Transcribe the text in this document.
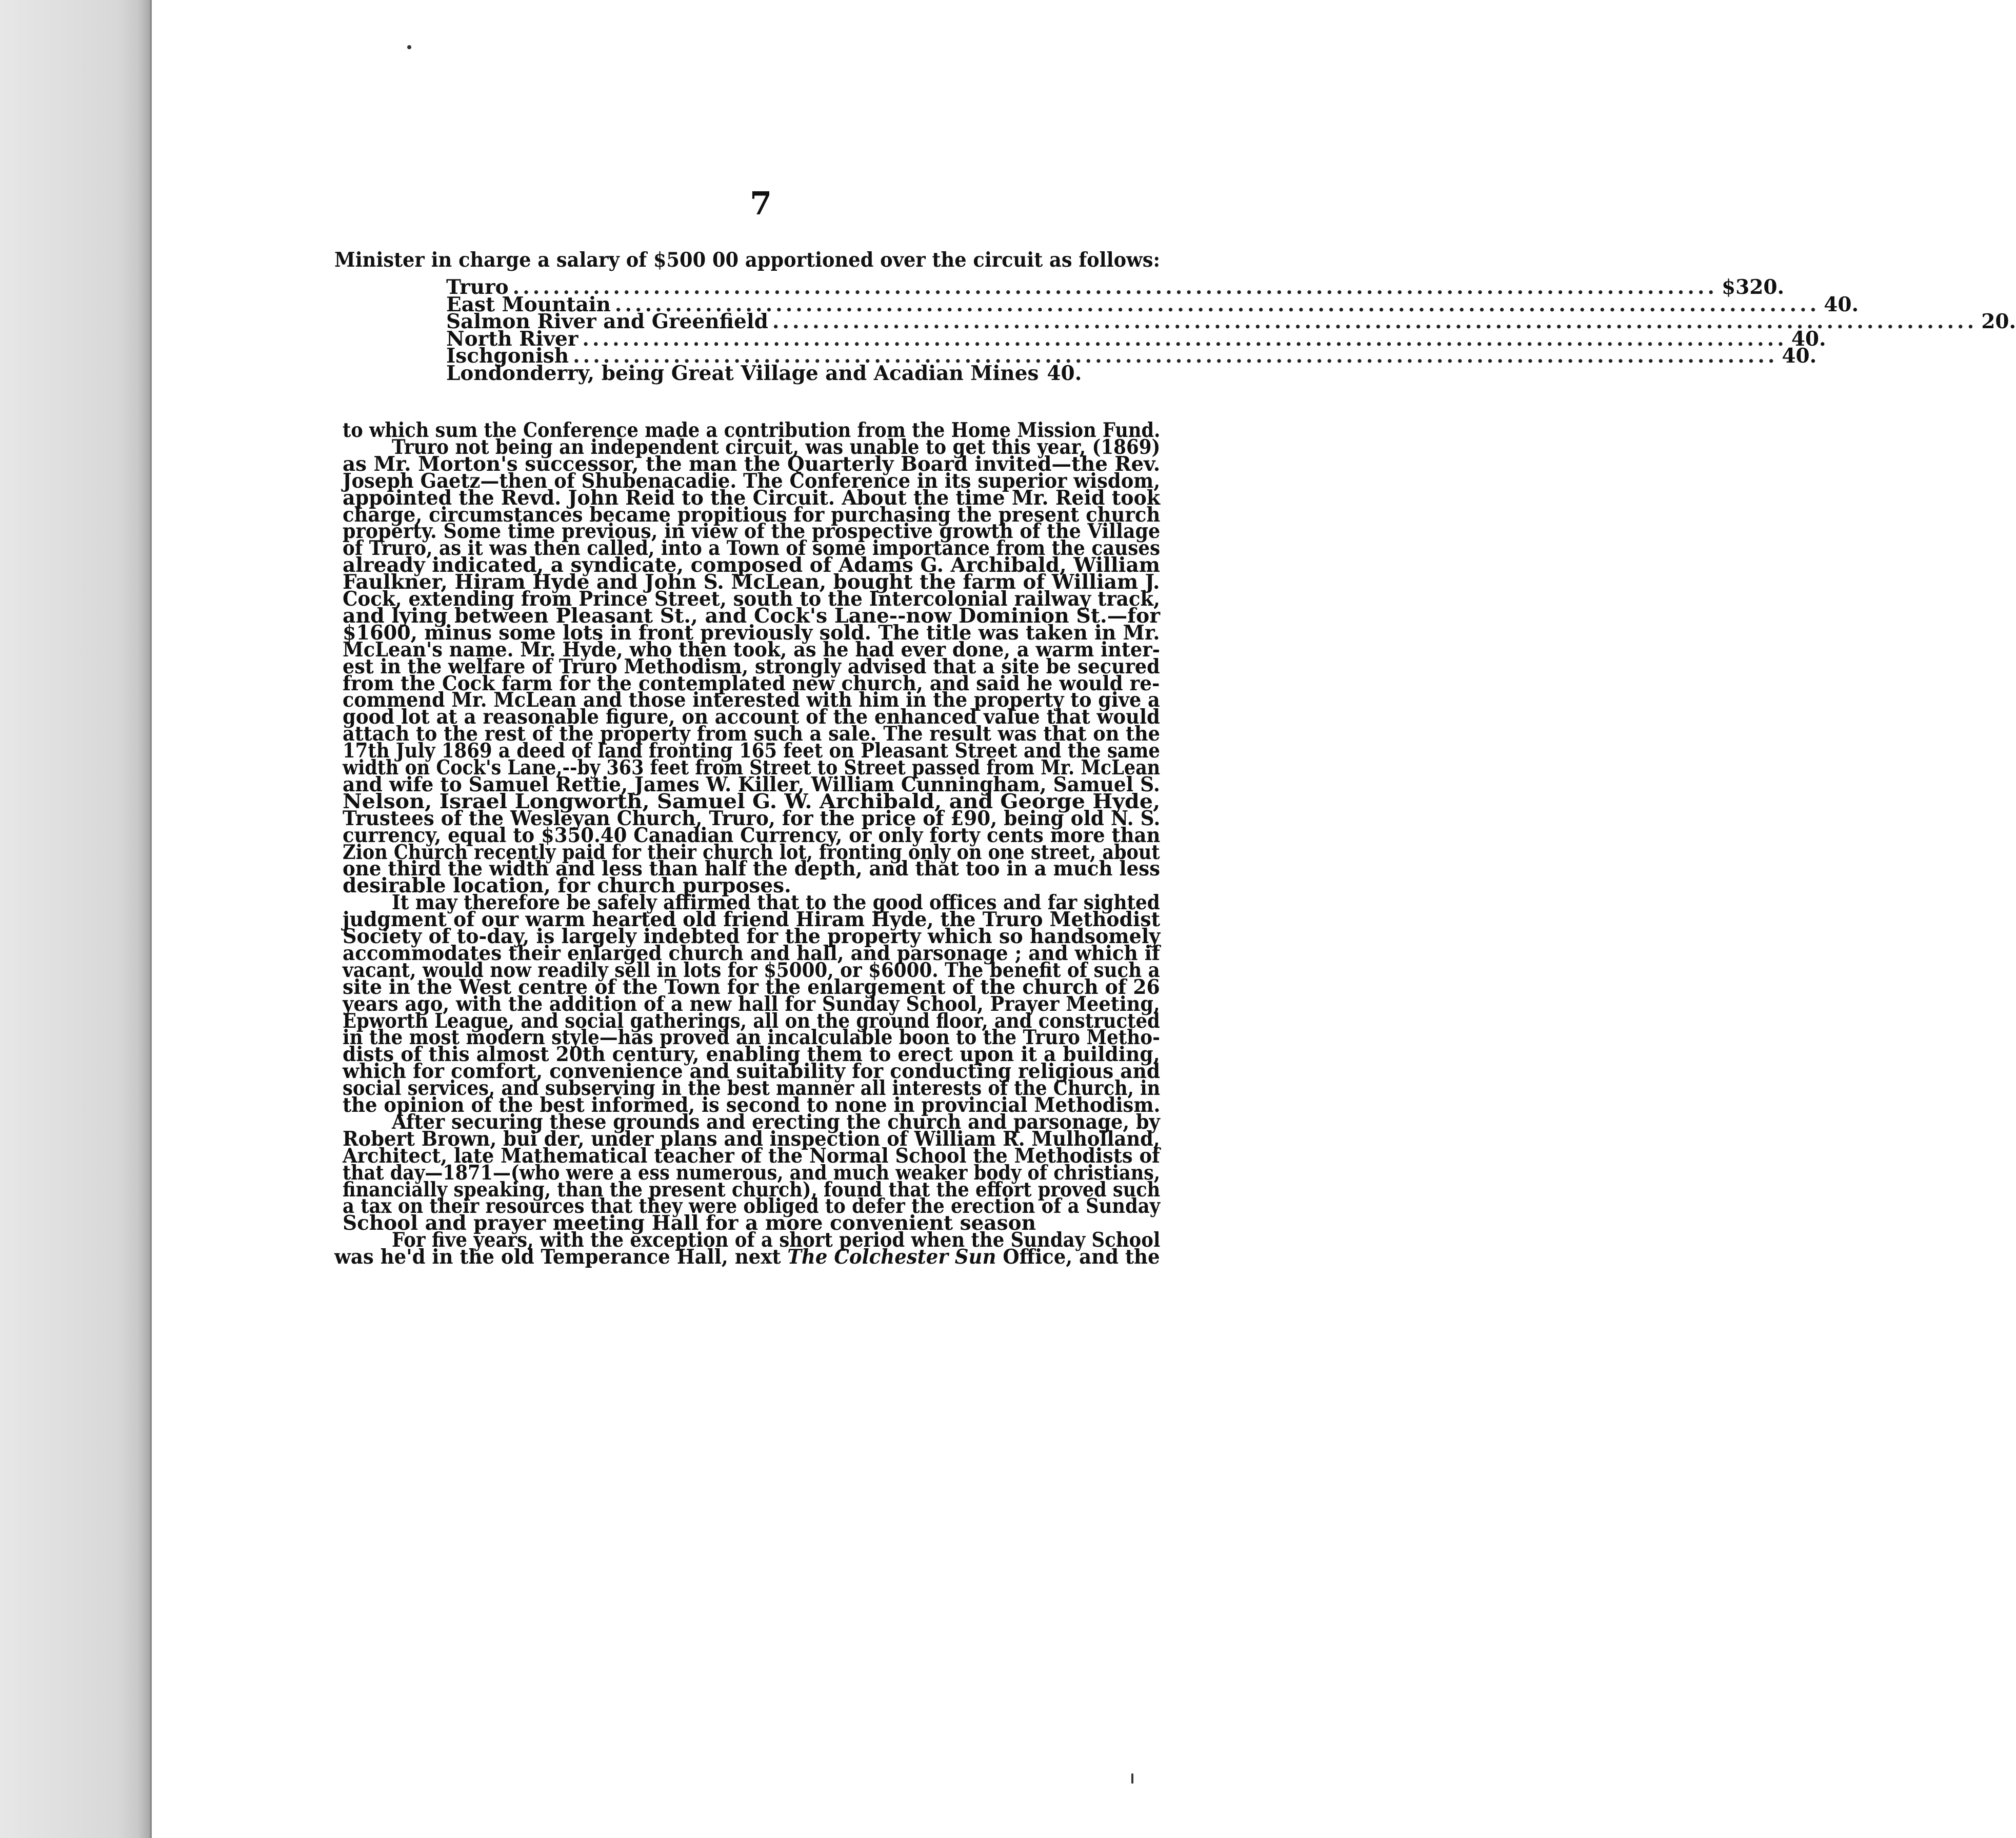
7
Minister in charge a salary of $500 00 apportioned over the circuit as follows:
Truro ........................................................................................................................ $320.
East Mountain ........................................................................................................................ 40.
Salmon River and Greenfield ........................................................................................................................ 20.
North River ........................................................................................................................ 40.
Ischgonish ........................................................................................................................ 40.
Londonderry, being Great Village and Acadian Mines 40.
to which sum the Conference made a contribution from the Home Mission Fund.
Truro not being an independent circuit, was unable to get this year, (1869)
as Mr. Morton's successor, the man the Quarterly Board invited—the Rev.
Joseph Gaetz—then of Shubenacadie. The Conference in its superior wisdom,
appointed the Revd. John Reid to the Circuit. About the time Mr. Reid took
charge, circumstances became propitious for purchasing the present church
property. Some time previous, in view of the prospective growth of the Village
of Truro, as it was then called, into a Town of some importance from the causes
already indicated, a syndicate, composed of Adams G. Archibald, William
Faulkner, Hiram Hyde and John S. McLean, bought the farm of William J.
Cock, extending from Prince Street, south to the Intercolonial railway track,
and lying between Pleasant St., and Cock's Lane--now Dominion St.—for
$1600, minus some lots in front previously sold. The title was taken in Mr.
McLean's name. Mr. Hyde, who then took, as he had ever done, a warm inter-
est in the welfare of Truro Methodism, strongly advised that a site be secured
from the Cock farm for the contemplated new church, and said he would re-
commend Mr. McLean and those interested with him in the property to give a
good lot at a reasonable figure, on account of the enhanced value that would
attach to the rest of the property from such a sale. The result was that on the
17th July 1869 a deed of land fronting 165 feet on Pleasant Street and the same
width on Cock's Lane,--by 363 feet from Street to Street passed from Mr. McLean
and wife to Samuel Rettie, James W. Killer, William Cunningham, Samuel S.
Nelson, Israel Longworth, Samuel G. W. Archibald, and George Hyde,
Trustees of the Wesleyan Church, Truro, for the price of £90, being old N. S.
currency, equal to $350.40 Canadian Currency, or only forty cents more than
Zion Church recently paid for their church lot, fronting only on one street, about
one third the width and less than half the depth, and that too in a much less
desirable location, for church purposes.
It may therefore be safely affirmed that to the good offices and far sighted
judgment of our warm hearted old friend Hiram Hyde, the Truro Methodist
Society of to-day, is largely indebted for the property which so handsomely
accommodates their enlarged church and hall, and parsonage ; and which if
vacant, would now readily sell in lots for $5000, or $6000. The benefit of such a
site in the West centre of the Town for the enlargement of the church of 26
years ago, with the addition of a new hall for Sunday School, Prayer Meeting,
Epworth League, and social gatherings, all on the ground floor, and constructed
in the most modern style—has proved an incalculable boon to the Truro Metho-
dists of this almost 20th century, enabling them to erect upon it a building,
which for comfort, convenience and suitability for conducting religious and
social services, and subserving in the best manner all interests of the Church, in
the opinion of the best informed, is second to none in provincial Methodism.
After securing these grounds and erecting the church and parsonage, by
Robert Brown, bui der, under plans and inspection of William R. Mulholland,
Architect, late Mathematical teacher of the Normal School the Methodists of
that day—1871—(who were a ess numerous, and much weaker body of christians,
financially speaking, than the present church), found that the effort proved such
a tax on their resources that they were obliged to defer the erection of a Sunday
School and prayer meeting Hall for a more convenient season
For five years, with the exception of a short period when the Sunday School
was he'd in the old Temperance Hall, next The Colchester Sun Office, and the
